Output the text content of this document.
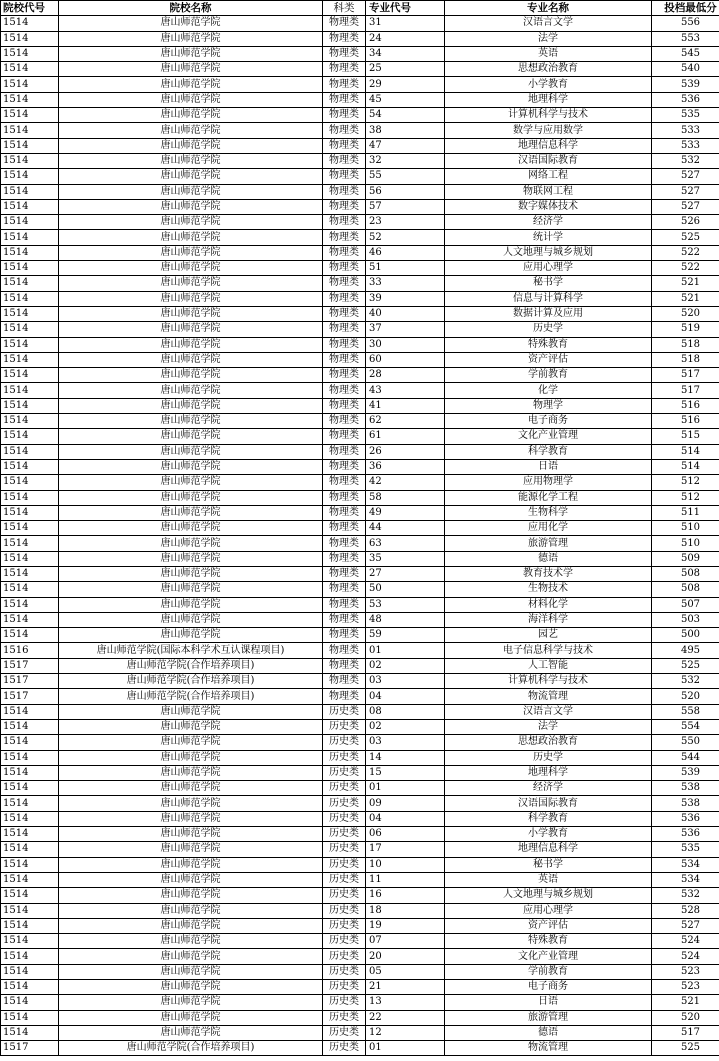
院校代号	院校名称	科类	专业代号	专业名称	投档最低分
1514	唐山师范学院	物理类	31	汉语言文学	556
1514	唐山师范学院	物理类	24	法学	553
1514	唐山师范学院	物理类	34	英语	545
1514	唐山师范学院	物理类	25	思想政治教育	540
1514	唐山师范学院	物理类	29	小学教育	539
1514	唐山师范学院	物理类	45	地理科学	536
1514	唐山师范学院	物理类	54	计算机科学与技术	535
1514	唐山师范学院	物理类	38	数学与应用数学	533
1514	唐山师范学院	物理类	47	地理信息科学	533
1514	唐山师范学院	物理类	32	汉语国际教育	532
1514	唐山师范学院	物理类	55	网络工程	527
1514	唐山师范学院	物理类	56	物联网工程	527
1514	唐山师范学院	物理类	57	数字媒体技术	527
1514	唐山师范学院	物理类	23	经济学	526
1514	唐山师范学院	物理类	52	统计学	525
1514	唐山师范学院	物理类	46	人文地理与城乡规划	522
1514	唐山师范学院	物理类	51	应用心理学	522
1514	唐山师范学院	物理类	33	秘书学	521
1514	唐山师范学院	物理类	39	信息与计算科学	521
1514	唐山师范学院	物理类	40	数据计算及应用	520
1514	唐山师范学院	物理类	37	历史学	519
1514	唐山师范学院	物理类	30	特殊教育	518
1514	唐山师范学院	物理类	60	资产评估	518
1514	唐山师范学院	物理类	28	学前教育	517
1514	唐山师范学院	物理类	43	化学	517
1514	唐山师范学院	物理类	41	物理学	516
1514	唐山师范学院	物理类	62	电子商务	516
1514	唐山师范学院	物理类	61	文化产业管理	515
1514	唐山师范学院	物理类	26	科学教育	514
1514	唐山师范学院	物理类	36	日语	514
1514	唐山师范学院	物理类	42	应用物理学	512
1514	唐山师范学院	物理类	58	能源化学工程	512
1514	唐山师范学院	物理类	49	生物科学	511
1514	唐山师范学院	物理类	44	应用化学	510
1514	唐山师范学院	物理类	63	旅游管理	510
1514	唐山师范学院	物理类	35	德语	509
1514	唐山师范学院	物理类	27	教育技术学	508
1514	唐山师范学院	物理类	50	生物技术	508
1514	唐山师范学院	物理类	53	材料化学	507
1514	唐山师范学院	物理类	48	海洋科学	503
1514	唐山师范学院	物理类	59	园艺	500
1516	唐山师范学院(国际本科学术互认课程项目)	物理类	01	电子信息科学与技术	495
1517	唐山师范学院(合作培养项目)	物理类	02	人工智能	525
1517	唐山师范学院(合作培养项目)	物理类	03	计算机科学与技术	532
1517	唐山师范学院(合作培养项目)	物理类	04	物流管理	520
1514	唐山师范学院	历史类	08	汉语言文学	558
1514	唐山师范学院	历史类	02	法学	554
1514	唐山师范学院	历史类	03	思想政治教育	550
1514	唐山师范学院	历史类	14	历史学	544
1514	唐山师范学院	历史类	15	地理科学	539
1514	唐山师范学院	历史类	01	经济学	538
1514	唐山师范学院	历史类	09	汉语国际教育	538
1514	唐山师范学院	历史类	04	科学教育	536
1514	唐山师范学院	历史类	06	小学教育	536
1514	唐山师范学院	历史类	17	地理信息科学	535
1514	唐山师范学院	历史类	10	秘书学	534
1514	唐山师范学院	历史类	11	英语	534
1514	唐山师范学院	历史类	16	人文地理与城乡规划	532
1514	唐山师范学院	历史类	18	应用心理学	528
1514	唐山师范学院	历史类	19	资产评估	527
1514	唐山师范学院	历史类	07	特殊教育	524
1514	唐山师范学院	历史类	20	文化产业管理	524
1514	唐山师范学院	历史类	05	学前教育	523
1514	唐山师范学院	历史类	21	电子商务	523
1514	唐山师范学院	历史类	13	日语	521
1514	唐山师范学院	历史类	22	旅游管理	520
1514	唐山师范学院	历史类	12	德语	517
1517	唐山师范学院(合作培养项目)	历史类	01	物流管理	525
